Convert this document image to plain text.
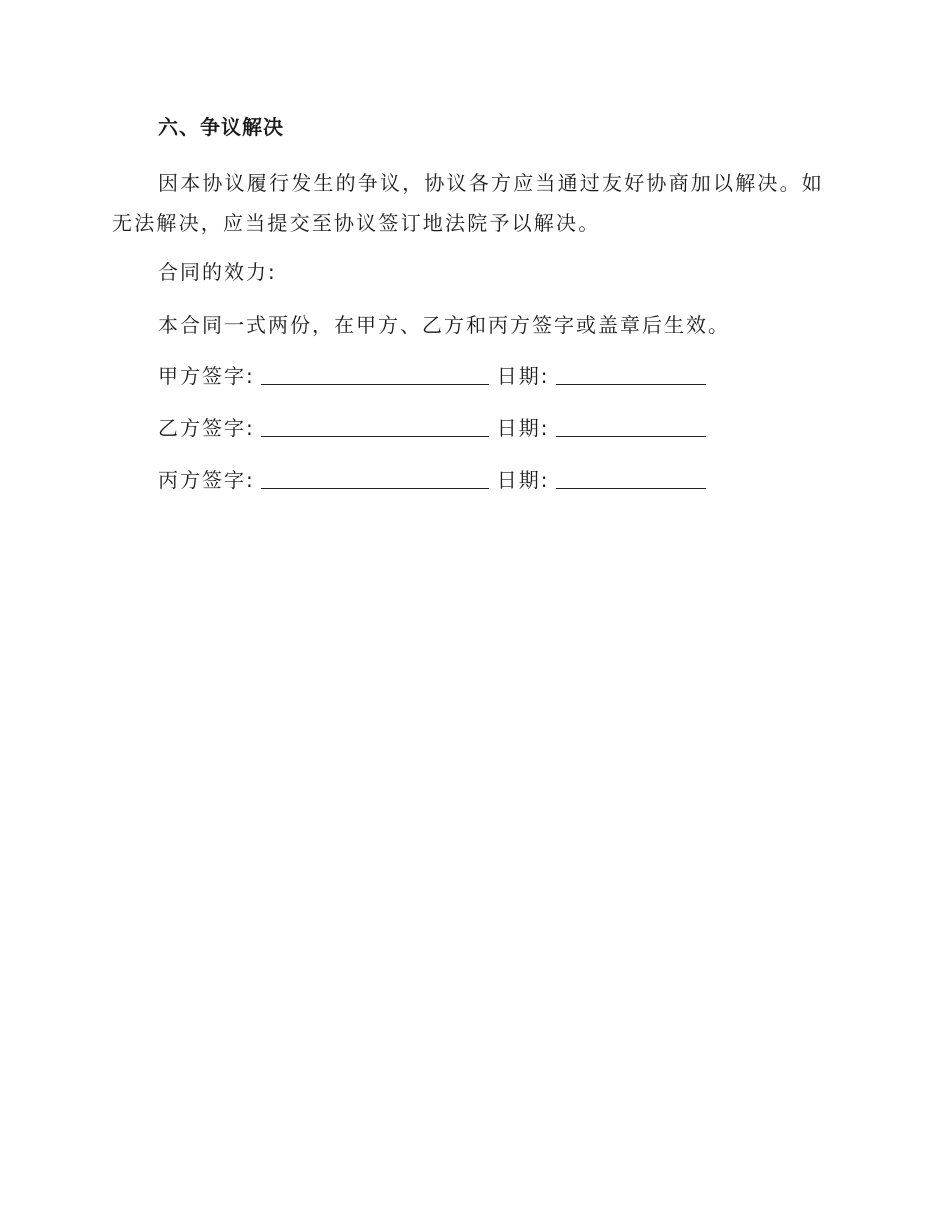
六、争议解决
因本协议履行发生的争议，协议各方应当通过友好协商加以解决。如无法解决，应当提交至协议签订地法院予以解决。
合同的效力:
本合同一式两份，在甲方、乙方和丙方签字或盖章后生效。
甲方签字:	日期:
乙方签字:	日期:
丙方签字:	日期:
